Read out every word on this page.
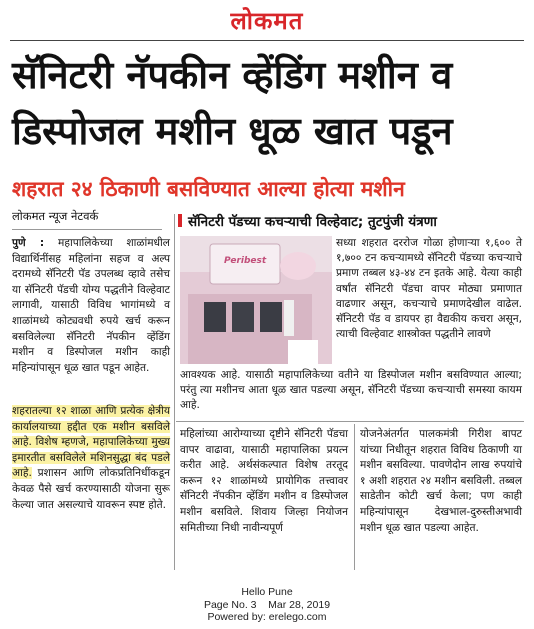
लोकमत
सॅनिटरी नॅपकीन व्हेंडिंग मशीन व
डिस्पोजल मशीन धूळ खात पडून
शहरात २४ ठिकाणी बसविण्यात आल्या होत्या मशीन
लोकमत न्यूज नेटवर्क
पुणे : महापालिकेच्या शाळांमधील विद्यार्थिनींसह महिलांना सहज व अल्प दरामध्ये सॅनिटरी पॅड उपलब्ध व्हावे तसेच या सॅनिटरी पॅडची योग्य पद्धतीने विल्हेवाट लागावी, यासाठी विविध भागांमध्ये व शाळांमध्ये कोट्यवधी रुपये खर्च करून बसविलेल्या सॅनिटरी नॅपकीन व्हेंडिंग मशीन व डिस्पोजल मशीन काही महिन्यांपासून धूळ खात पडून आहेत.
शहरातल्या १२ शाळा आणि प्रत्येक क्षेत्रीय कार्यालयाच्या हद्दीत एक मशीन बसविले आहे. विशेष म्हणजे, महापालिकेच्या मुख्य इमारतीत बसविलेले मशिनसुद्धा बंद पडले आहे. प्रशासन आणि लोकप्रतिनिधींकडून केवळ पैसे खर्च करण्यासाठी योजना सुरू केल्या जात असल्याचे यावरून स्पष्ट होते.
सॅनिटरी पॅडच्या कचऱ्याची विल्हेवाट; तुटपुंजी यंत्रणा
Peribest
सध्या शहरात दररोज गोळा होणाऱ्या १,६०० ते १,७०० टन कचऱ्यामध्ये सॅनिटरी पॅडच्या कचऱ्याचे प्रमाण तब्बल ४३-४४ टन इतके आहे. येत्या काही वर्षांत सॅनिटरी पॅडचा वापर मोठ्या प्रमाणात वाढणार असून, कचऱ्याचे प्रमाणदेखील वाढेल. सॅनिटरी पॅड व डायपर हा वैद्यकीय कचरा असून, त्याची विल्हेवाट शास्त्रोक्त पद्धतीने लावणे
आवश्यक आहे. यासाठी महापालिकेच्या वतीने या डिस्पोजल मशीन बसविण्यात आल्या; परंतु त्या मशीनच आता धूळ खात पडल्या असून, सॅनिटरी पॅडच्या कचऱ्याची समस्या कायम आहे.
महिलांच्या आरोग्याच्या दृष्टीने सॅनिटरी पॅडचा वापर वाढावा, यासाठी महापालिका प्रयत्न करीत आहे. अर्थसंकल्पात विशेष तरतूद करून १२ शाळांमध्ये प्रायोगिक तत्त्वावर सॅनिटरी नॅपकीन व्हेंडिंग मशीन व डिस्पोजल मशीन बसविले. शिवाय जिल्हा नियोजन समितीच्या निधी नावीन्यपूर्ण
योजनेअंतर्गत पालकमंत्री गिरीश बापट यांच्या निधीतून शहरात विविध ठिकाणी या मशीन बसविल्या. पावणेदोन लाख रुपयांचे १ अशी शहरात २४ मशीन बसविली. तब्बल साडेतीन कोटी खर्च केला; पण काही महिन्यांपासून देखभाल-दुरुस्तीअभावी मशीन धूळ खात पडल्या आहेत.
Hello Pune
Page No. 3    Mar 28, 2019
Powered by: erelego.com
